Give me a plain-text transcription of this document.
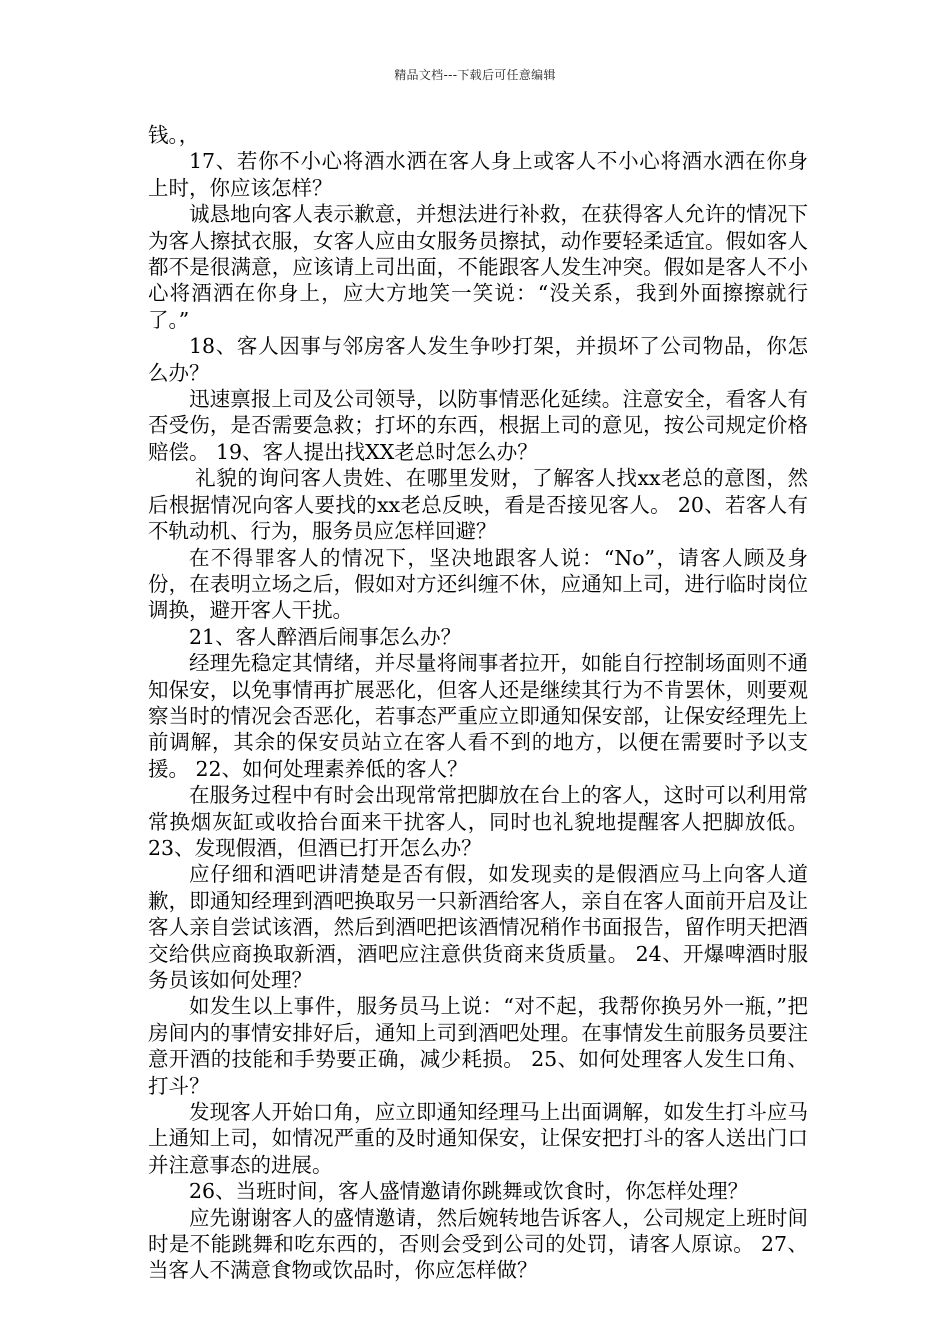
精品文档---下载后可任意编辑

钱。，

17、若你不小心将酒水洒在客人身上或客人不小心将酒水洒在你身上时，你应该怎样？

诚恳地向客人表示歉意，并想法进行补救，在获得客人允许的情况下为客人擦拭衣服，女客人应由女服务员擦拭，动作要轻柔适宜。假如客人都不是很满意，应该请上司出面，不能跟客人发生冲突。假如是客人不小心将酒洒在你身上，应大方地笑一笑说：“没关系，我到外面擦擦就行了。”

18、客人因事与邻房客人发生争吵打架，并损坏了公司物品，你怎么办？

迅速禀报上司及公司领导，以防事情恶化延续。注意安全，看客人有否受伤，是否需要急救；打坏的东西，根据上司的意见，按公司规定价格赔偿。 19、客人提出找XX老总时怎么办？

礼貌的询问客人贵姓、在哪里发财，了解客人找xx老总的意图，然后根据情况向客人要找的xx老总反映，看是否接见客人。 20、若客人有不轨动机、行为，服务员应怎样回避？

在不得罪客人的情况下，坚决地跟客人说：“No”，请客人顾及身份，在表明立场之后，假如对方还纠缠不休，应通知上司，进行临时岗位调换，避开客人干扰。

21、客人醉酒后闹事怎么办？

经理先稳定其情绪，并尽量将闹事者拉开，如能自行控制场面则不通知保安，以免事情再扩展恶化，但客人还是继续其行为不肯罢休，则要观察当时的情况会否恶化，若事态严重应立即通知保安部，让保安经理先上前调解，其余的保安员站立在客人看不到的地方，以便在需要时予以支援。 22、如何处理素养低的客人？

在服务过程中有时会出现常常把脚放在台上的客人，这时可以利用常常换烟灰缸或收拾台面来干扰客人，同时也礼貌地提醒客人把脚放低。 23、发现假酒，但酒已打开怎么办？

应仔细和酒吧讲清楚是否有假，如发现卖的是假酒应马上向客人道歉，即通知经理到酒吧换取另一只新酒给客人，亲自在客人面前开启及让客人亲自尝试该酒，然后到酒吧把该酒情况稍作书面报告，留作明天把酒交给供应商换取新酒，酒吧应注意供货商来货质量。 24、开爆啤酒时服务员该如何处理？

如发生以上事件，服务员马上说：“对不起，我帮你换另外一瓶，”把房间内的事情安排好后，通知上司到酒吧处理。在事情发生前服务员要注意开酒的技能和手势要正确，减少耗损。 25、如何处理客人发生口角、打斗？

发现客人开始口角，应立即通知经理马上出面调解，如发生打斗应马上通知上司，如情况严重的及时通知保安，让保安把打斗的客人送出门口并注意事态的进展。

26、当班时间，客人盛情邀请你跳舞或饮食时，你怎样处理？

应先谢谢客人的盛情邀请，然后婉转地告诉客人，公司规定上班时间时是不能跳舞和吃东西的，否则会受到公司的处罚，请客人原谅。 27、当客人不满意食物或饮品时，你应怎样做？
